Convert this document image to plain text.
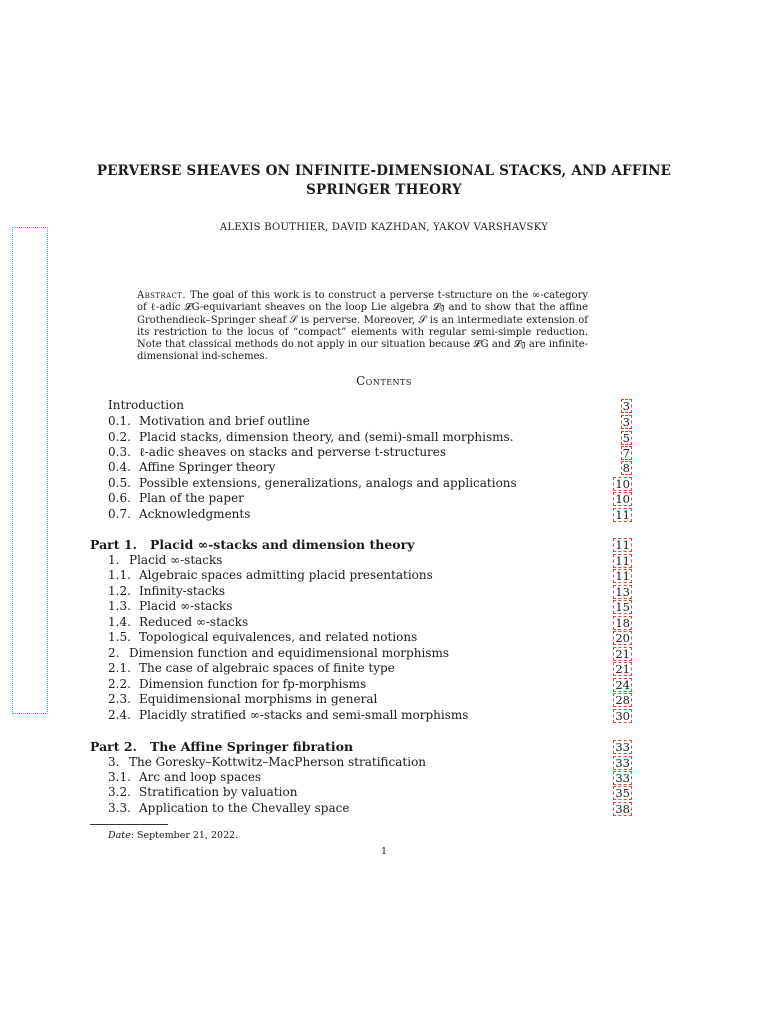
PERVERSE SHEAVES ON INFINITE-DIMENSIONAL STACKS, AND AFFINE
SPRINGER THEORY
ALEXIS BOUTHIER, DAVID KAZHDAN, YAKOV VARSHAVSKY
Abstract. The goal of this work is to construct a perverse t-structure on the ∞-category of ℓ-adic 𝓛G-equivariant sheaves on the loop Lie algebra 𝓛𝔤 and to show that the affine Grothendieck–Springer sheaf 𝒮 is perverse. Moreover, 𝒮 is an intermediate extension of its restriction to the locus of “compact” elements with regular semi-simple reduction. Note that classical methods do not apply in our situation because 𝓛G and 𝓛𝔤 are infinite-dimensional ind-schemes.
Contents
Introduction	3
0.1. Motivation and brief outline	3
0.2. Placid stacks, dimension theory, and (semi)-small morphisms.	5
0.3. ℓ-adic sheaves on stacks and perverse t-structures	7
0.4. Affine Springer theory	8
0.5. Possible extensions, generalizations, analogs and applications	10
0.6. Plan of the paper	10
0.7. Acknowledgments	11
Part 1. Placid ∞-stacks and dimension theory	11
1. Placid ∞-stacks	11
1.1. Algebraic spaces admitting placid presentations	11
1.2. Infinity-stacks	13
1.3. Placid ∞-stacks	15
1.4. Reduced ∞-stacks	18
1.5. Topological equivalences, and related notions	20
2. Dimension function and equidimensional morphisms	21
2.1. The case of algebraic spaces of finite type	21
2.2. Dimension function for fp-morphisms	24
2.3. Equidimensional morphisms in general	28
2.4. Placidly stratified ∞-stacks and semi-small morphisms	30
Part 2. The Affine Springer fibration	33
3. The Goresky–Kottwitz–MacPherson stratification	33
3.1. Arc and loop spaces	33
3.2. Stratification by valuation	35
3.3. Application to the Chevalley space	38
Date: September 21, 2022.
1
